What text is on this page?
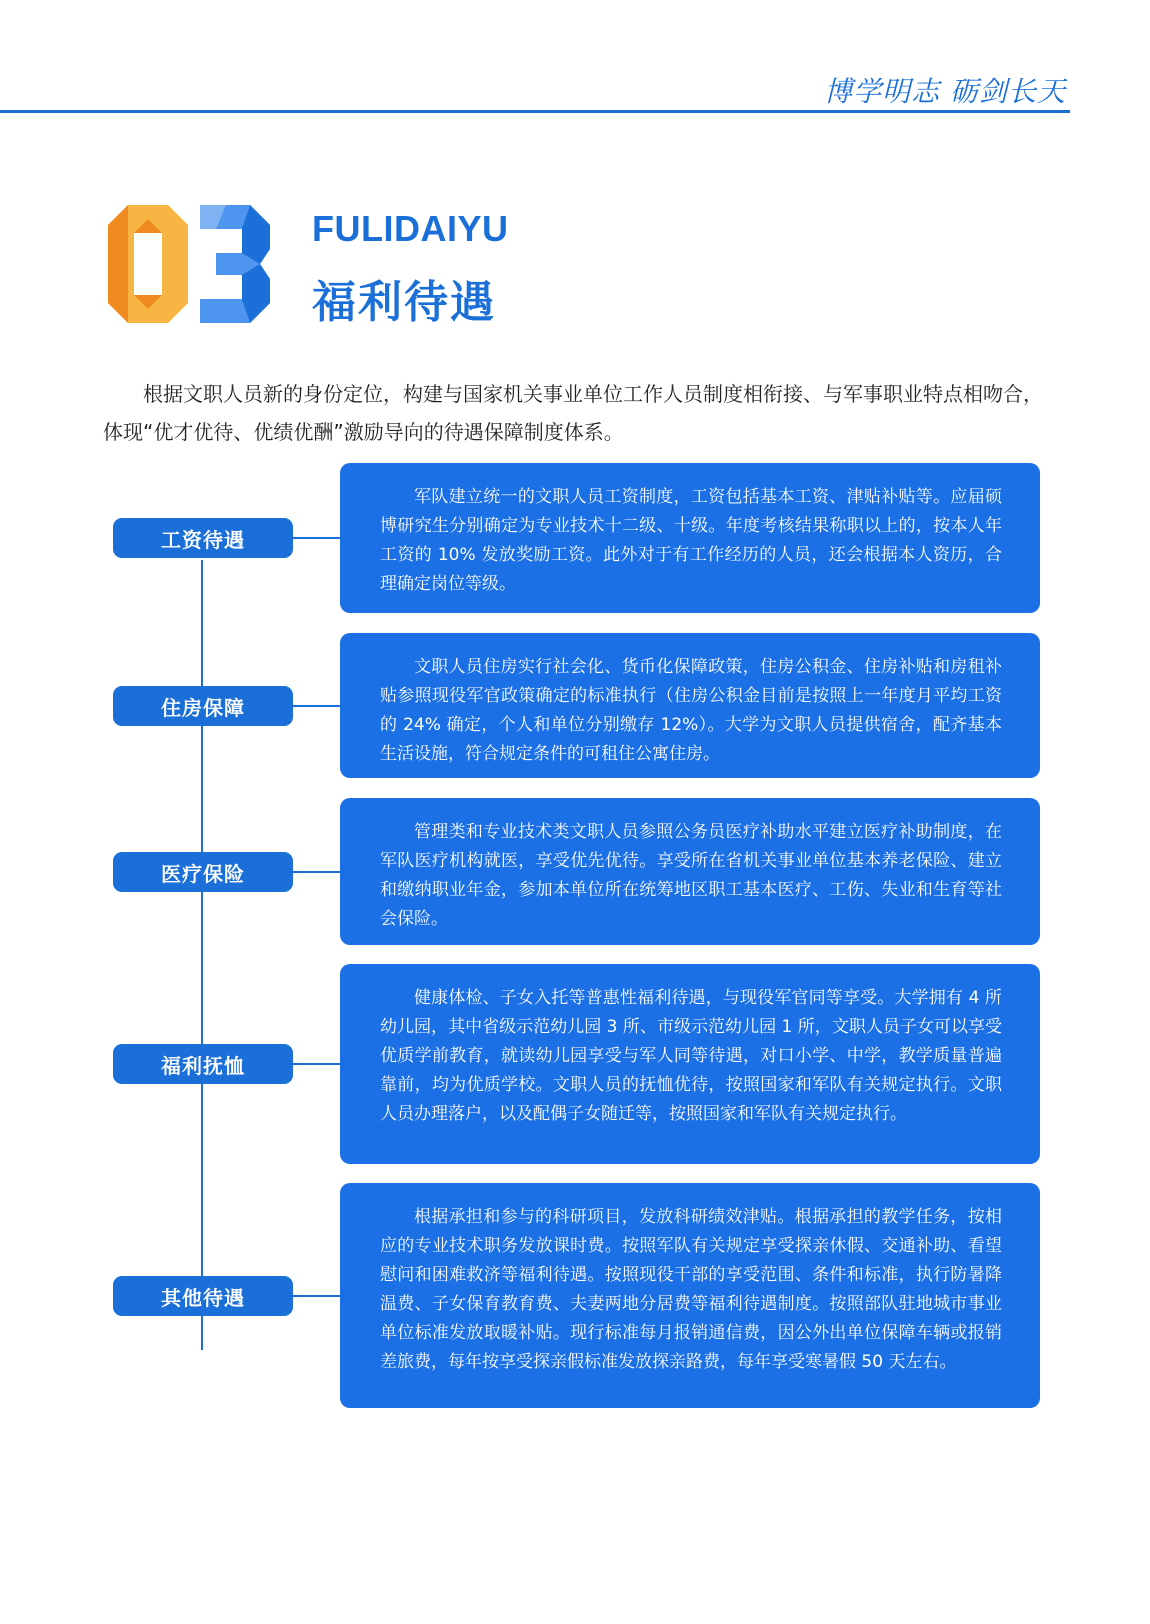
博学明志 砺剑长天
FULIDAIYU
福利待遇

根据文职人员新的身份定位，构建与国家机关事业单位工作人员制度相衔接、与军事职业特点相吻合，体现“优才优待、优绩优酬”激励导向的待遇保障制度体系。

军队建立统一的文职人员工资制度，工资包括基本工资、津贴补贴等。应届硕博研究生分别确定为专业技术十二级、十级。年度考核结果称职以上的，按本人年工资的 10% 发放奖励工资。此外对于有工作经历的人员，还会根据本人资历，合理确定岗位等级。
工资待遇
文职人员住房实行社会化、货币化保障政策，住房公积金、住房补贴和房租补贴参照现役军官政策确定的标准执行（住房公积金目前是按照上一年度月平均工资的 24% 确定，个人和单位分别缴存 12%）。大学为文职人员提供宿舍，配齐基本生活设施，符合规定条件的可租住公寓住房。
住房保障
管理类和专业技术类文职人员参照公务员医疗补助水平建立医疗补助制度，在军队医疗机构就医，享受优先优待。享受所在省机关事业单位基本养老保险、建立和缴纳职业年金，参加本单位所在统筹地区职工基本医疗、工伤、失业和生育等社会保险。
医疗保险
健康体检、子女入托等普惠性福利待遇，与现役军官同等享受。大学拥有 4 所幼儿园，其中省级示范幼儿园 3 所、市级示范幼儿园 1 所，文职人员子女可以享受优质学前教育，就读幼儿园享受与军人同等待遇，对口小学、中学，教学质量普遍靠前，均为优质学校。文职人员的抚恤优待，按照国家和军队有关规定执行。文职人员办理落户，以及配偶子女随迁等，按照国家和军队有关规定执行。
福利抚恤
根据承担和参与的科研项目，发放科研绩效津贴。根据承担的教学任务，按相应的专业技术职务发放课时费。按照军队有关规定享受探亲休假、交通补助、看望慰问和困难救济等福利待遇。按照现役干部的享受范围、条件和标准，执行防暑降温费、子女保育教育费、夫妻两地分居费等福利待遇制度。按照部队驻地城市事业单位标准发放取暖补贴。现行标准每月报销通信费，因公外出单位保障车辆或报销差旅费，每年按享受探亲假标准发放探亲路费，每年享受寒暑假 50 天左右。
其他待遇
